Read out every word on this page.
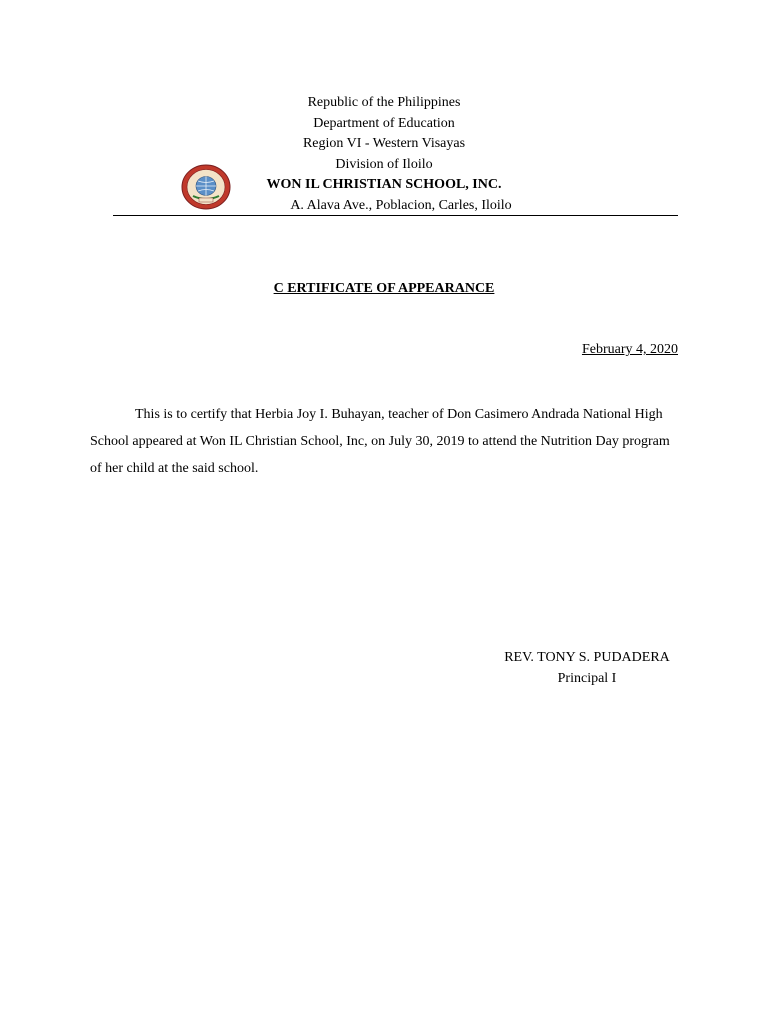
Republic of the Philippines
Department of Education
Region VI - Western Visayas
Division of Iloilo
WON IL CHRISTIAN SCHOOL, INC.
A. Alava Ave., Poblacion, Carles, Iloilo
C ERTIFICATE OF APPEARANCE
February 4, 2020
This is to certify that Herbia Joy I. Buhayan, teacher of Don Casimero Andrada National High School appeared at Won IL Christian School, Inc, on July 30, 2019 to attend the Nutrition Day program of her child at the said school.
REV. TONY S. PUDADERA
Principal I
